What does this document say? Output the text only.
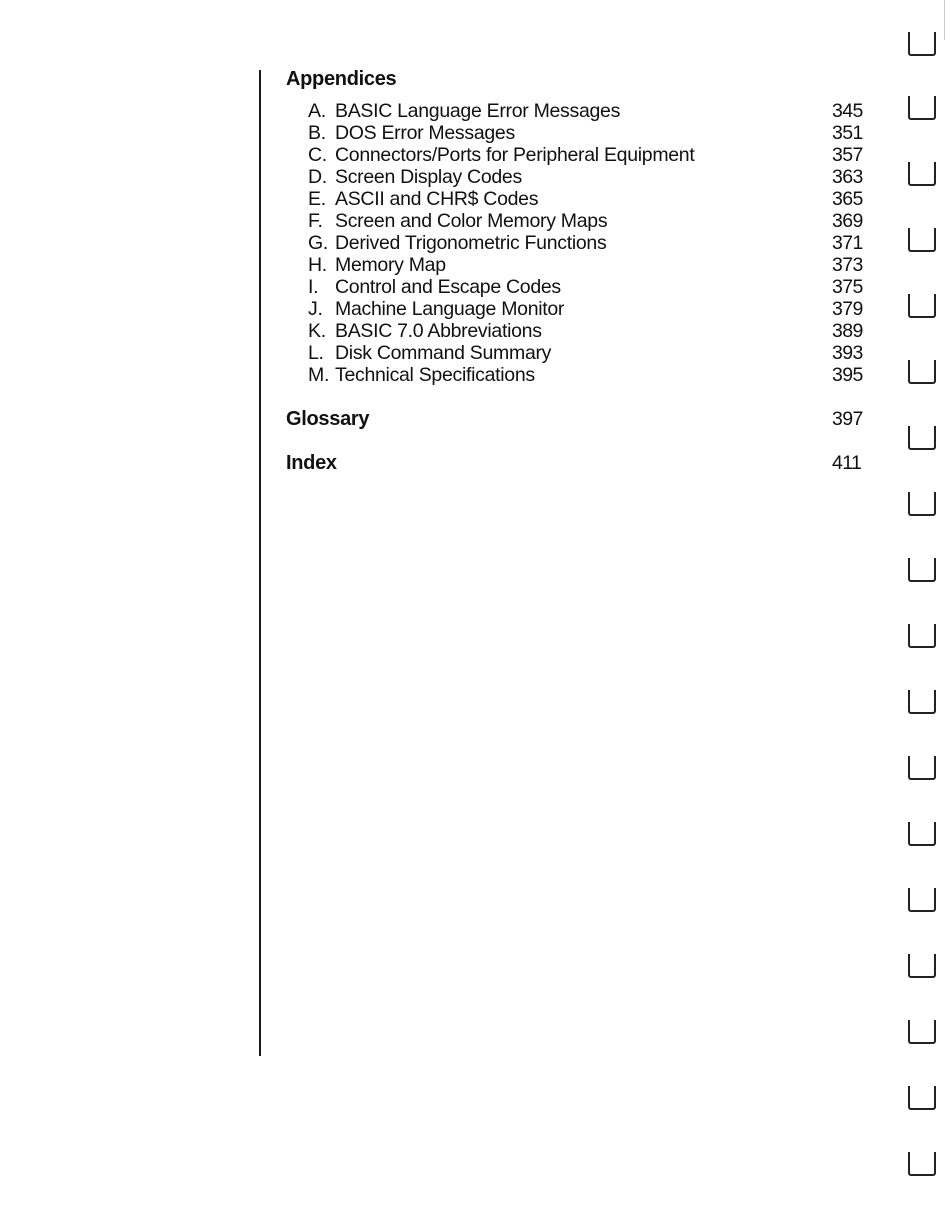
Appendices
A. BASIC Language Error Messages	345
B. DOS Error Messages	351
C. Connectors/Ports for Peripheral Equipment	357
D. Screen Display Codes	363
E. ASCII and CHR$ Codes	365
F. Screen and Color Memory Maps	369
G. Derived Trigonometric Functions	371
H. Memory Map	373
I. Control and Escape Codes	375
J. Machine Language Monitor	379
K. BASIC 7.0 Abbreviations	389
L. Disk Command Summary	393
M. Technical Specifications	395
Glossary	397
Index	411
